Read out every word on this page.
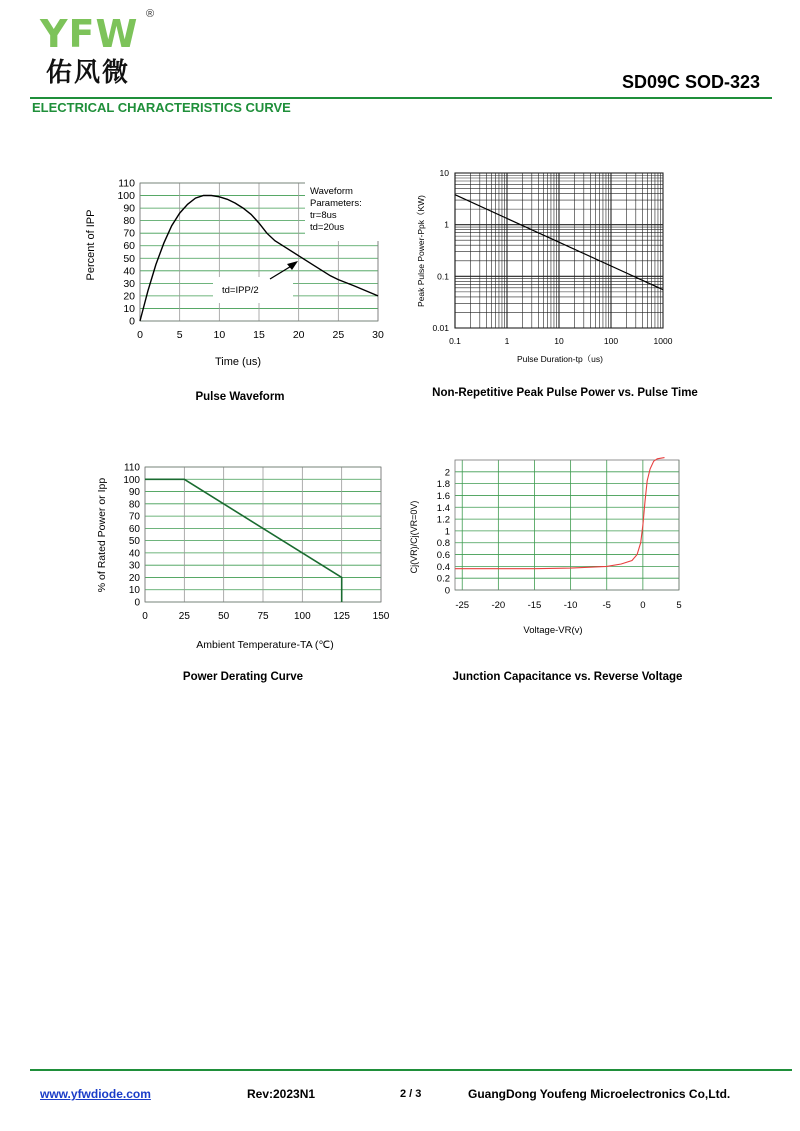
YFW ®
佑风微	SD09C SOD-323
ELECTRICAL CHARACTERISTICS CURVE
0
10
20
30
40
50
60
70
80
90
100
110
0	5	10	15	20	25	30
Waveform
Parameters:
tr=8us
td=20us
td=IPP/2
Time (us)
Percent of IPP
0.1	1	10	100	1000
0.01
0.1
1
10
Pulse Duration-tp（us)
Peak Pulse Power-Ppk（KW)
0
10
20
30
40
50
60
70
80
90
100
110
0	25	50	75	100 125 150
Ambient Temperature-TA (℃)
% of Rated Power or Ipp	0
0.2
0.4
0.6
0.8
1
1.2
1.4
1.6
1.8
2
-25 -20 -15 -10	-5	0	5
Voltage-VR(v)
Cj(VR)/Cj(VR=0V)
Pulse Waveform	Non-Repetitive Peak Pulse Power vs. Pulse Time
Power Derating Curve	Junction Capacitance vs. Reverse Voltage
www.yfwdiode.com	Rev:2023N1	2 / 3	GuangDong Youfeng Microelectronics Co,Ltd.
